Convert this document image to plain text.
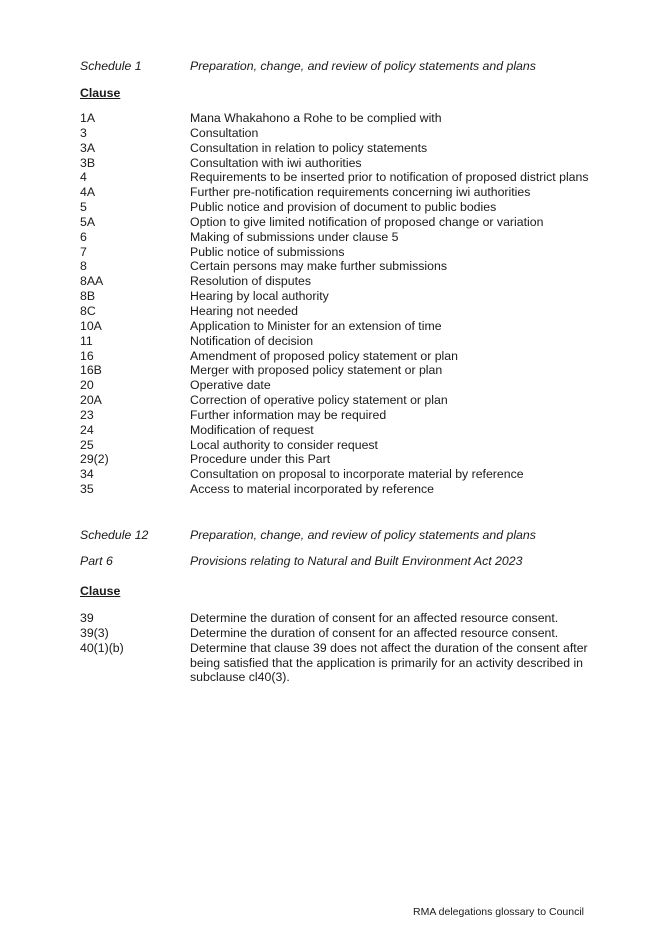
Schedule 1	Preparation, change, and review of policy statements and plans
Clause
1A	Mana Whakahono a Rohe to be complied with
3	Consultation
3A	Consultation in relation to policy statements
3B	Consultation with iwi authorities
4	Requirements to be inserted prior to notification of proposed district plans
4A	Further pre-notification requirements concerning iwi authorities
5	Public notice and provision of document to public bodies
5A	Option to give limited notification of proposed change or variation
6	Making of submissions under clause 5
7	Public notice of submissions
8	Certain persons may make further submissions
8AA	Resolution of disputes
8B	Hearing by local authority
8C	Hearing not needed
10A	Application to Minister for an extension of time
11	Notification of decision
16	Amendment of proposed policy statement or plan
16B	Merger with proposed policy statement or plan
20	Operative date
20A	Correction of operative policy statement or plan
23	Further information may be required
24	Modification of request
25	Local authority to consider request
29(2)	Procedure under this Part
34	Consultation on proposal to incorporate material by reference
35	Access to material incorporated by reference
Schedule 12	Preparation, change, and review of policy statements and plans
Part 6	Provisions relating to Natural and Built Environment Act 2023
Clause
39	Determine the duration of consent for an affected resource consent.
39(3)	Determine the duration of consent for an affected resource consent.
40(1)(b)	Determine that clause 39 does not affect the duration of the consent after being satisfied that the application is primarily for an activity described in subclause cl40(3).
RMA delegations glossary to Council
